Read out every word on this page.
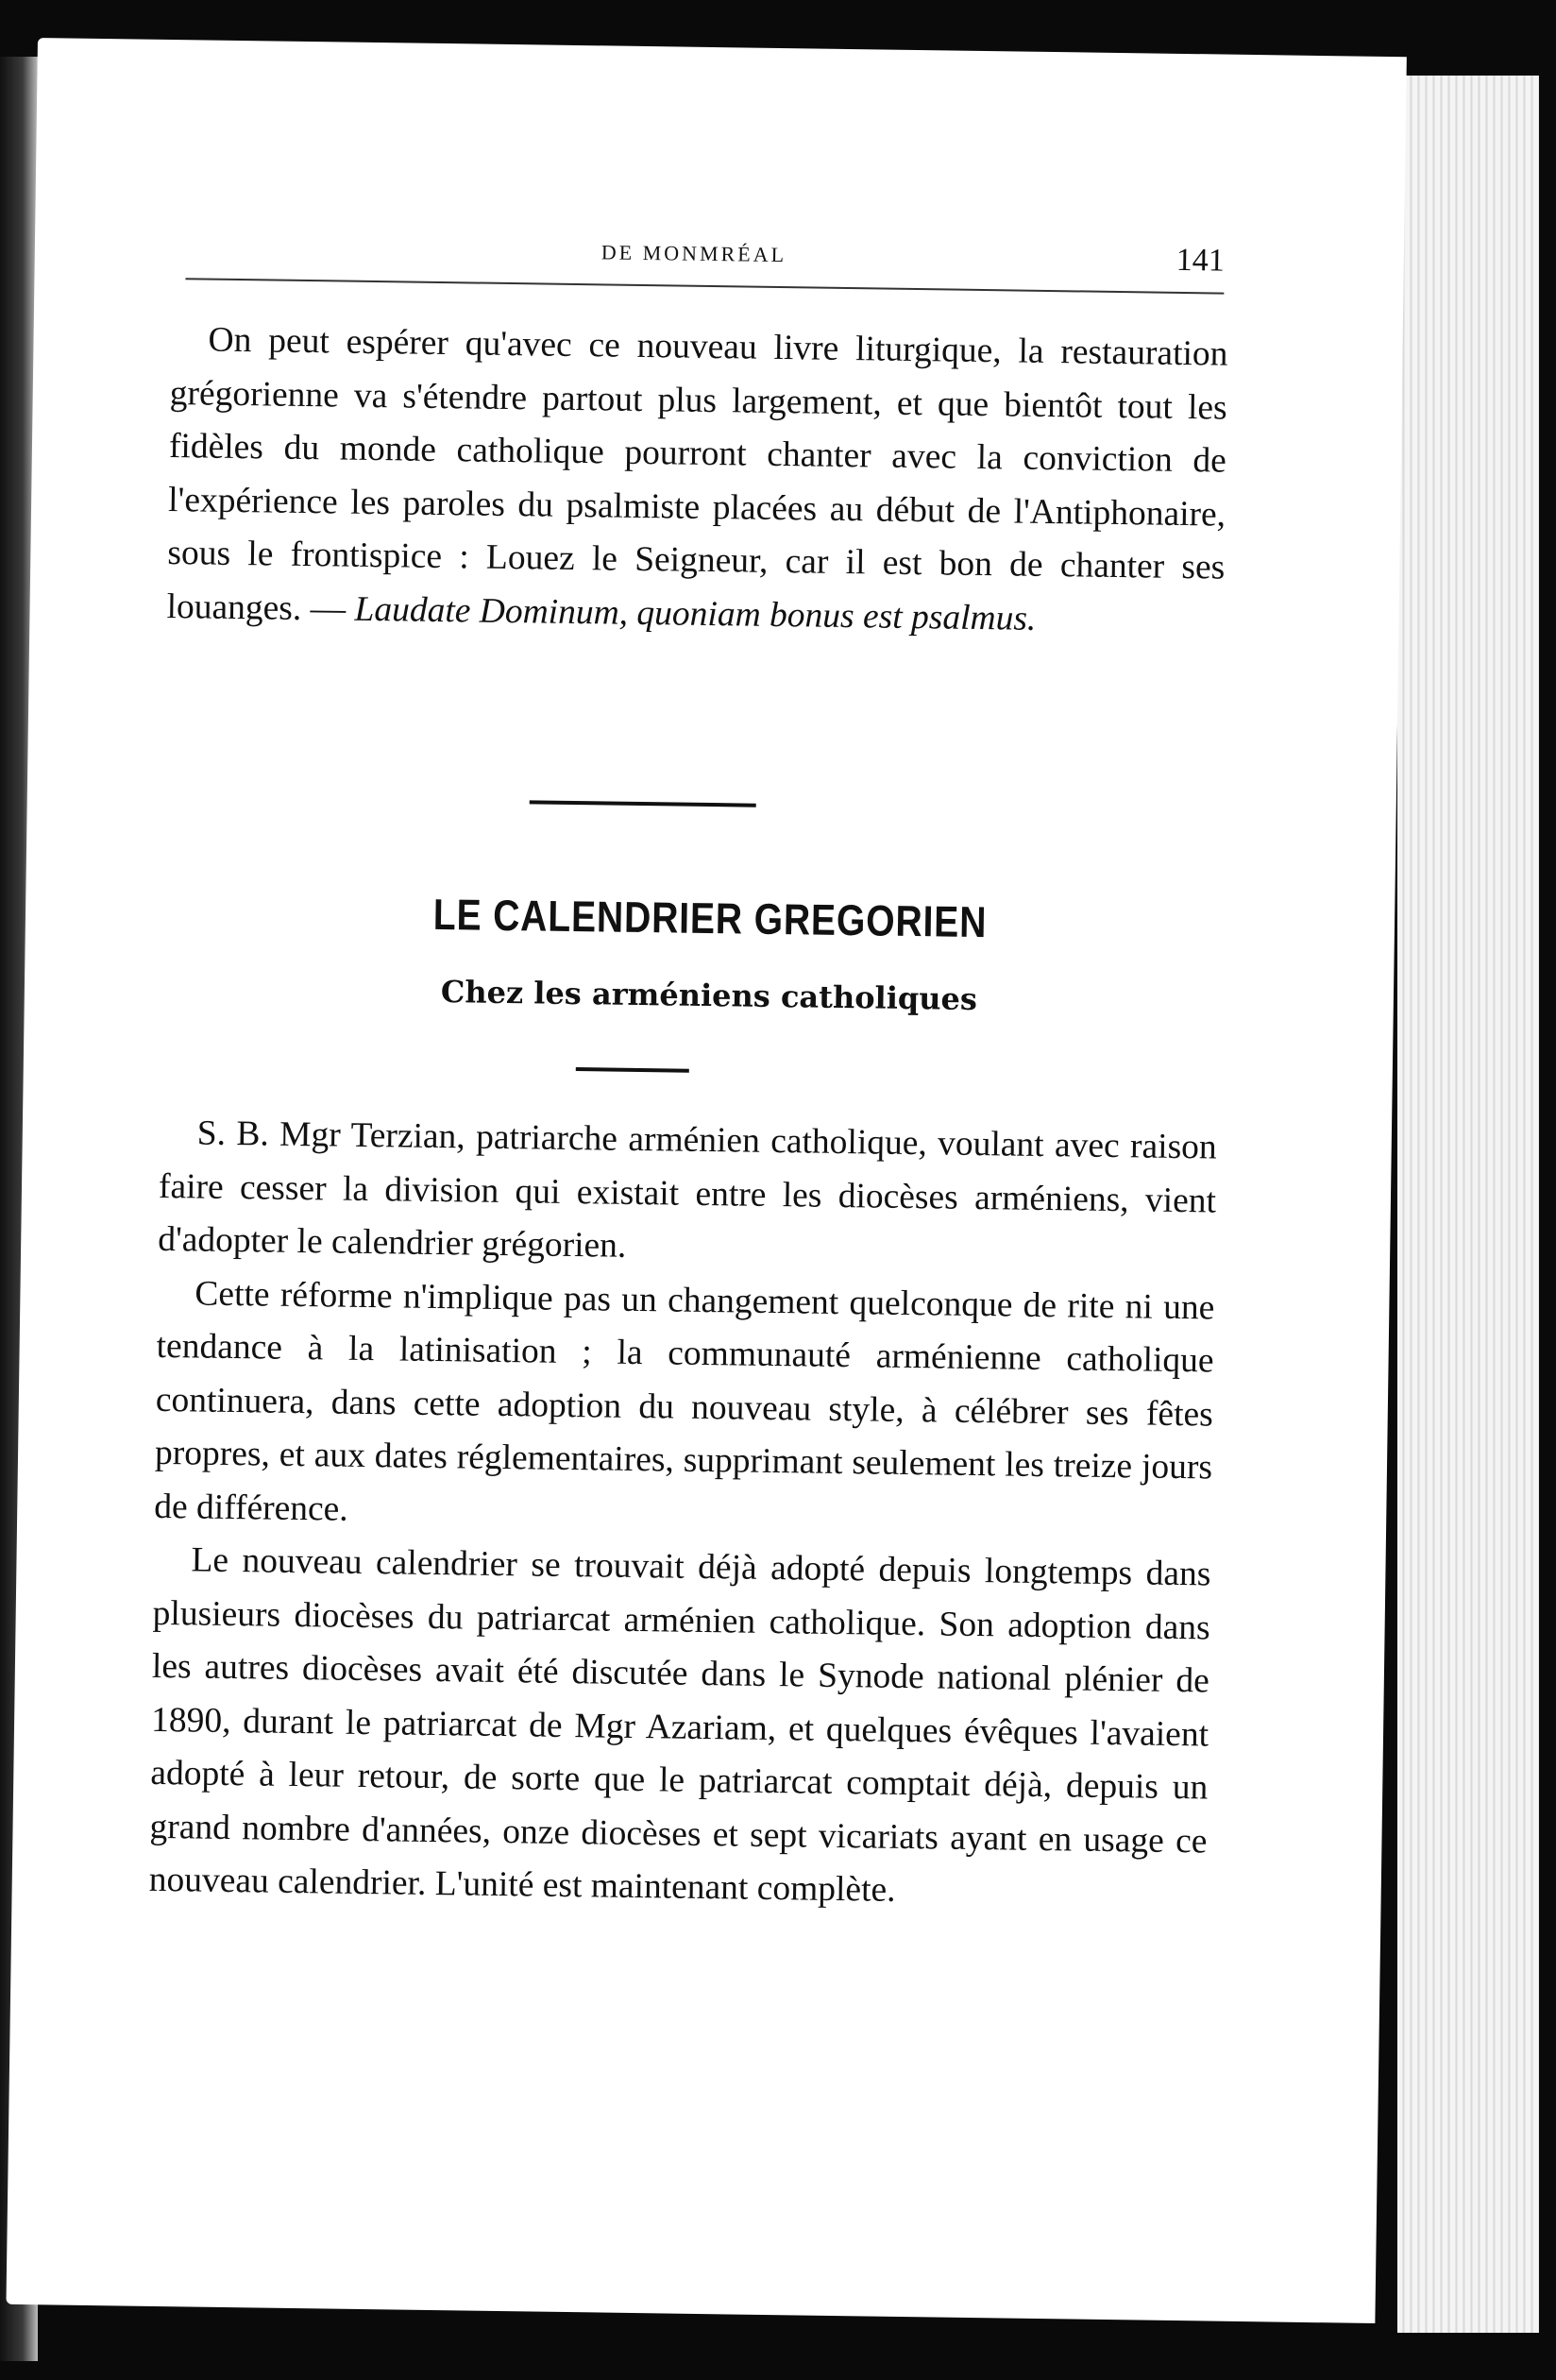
DE MONMRÉAL	141

On peut espérer qu'avec ce nouveau livre liturgique, la restauration grégorienne va s'étendre partout plus largement, et que bientôt tout les fidèles du monde catholique pourront chanter avec la conviction de l'expérience les paroles du psalmiste placées au début de l'Antiphonaire, sous le frontispice : Louez le Seigneur, car il est bon de chanter ses louanges. — Laudate Dominum, quoniam bonus est psalmus.

LE CALENDRIER GREGORIEN
Chez les arméniens catholiques

S. B. Mgr Terzian, patriarche arménien catholique, voulant avec raison faire cesser la division qui existait entre les diocèses arméniens, vient d'adopter le calendrier grégorien.

Cette réforme n'implique pas un changement quelconque de rite ni une tendance à la latinisation ; la communauté arménienne catholique continuera, dans cette adoption du nouveau style, à célébrer ses fêtes propres, et aux dates réglementaires, supprimant seulement les treize jours de différence.

Le nouveau calendrier se trouvait déjà adopté depuis longtemps dans plusieurs diocèses du patriarcat arménien catholique. Son adoption dans les autres diocèses avait été discutée dans le Synode national plénier de 1890, durant le patriarcat de Mgr Azariam, et quelques évêques l'avaient adopté à leur retour, de sorte que le patriarcat comptait déjà, depuis un grand nombre d'années, onze diocèses et sept vicariats ayant en usage ce nouveau calendrier. L'unité est maintenant complète.
